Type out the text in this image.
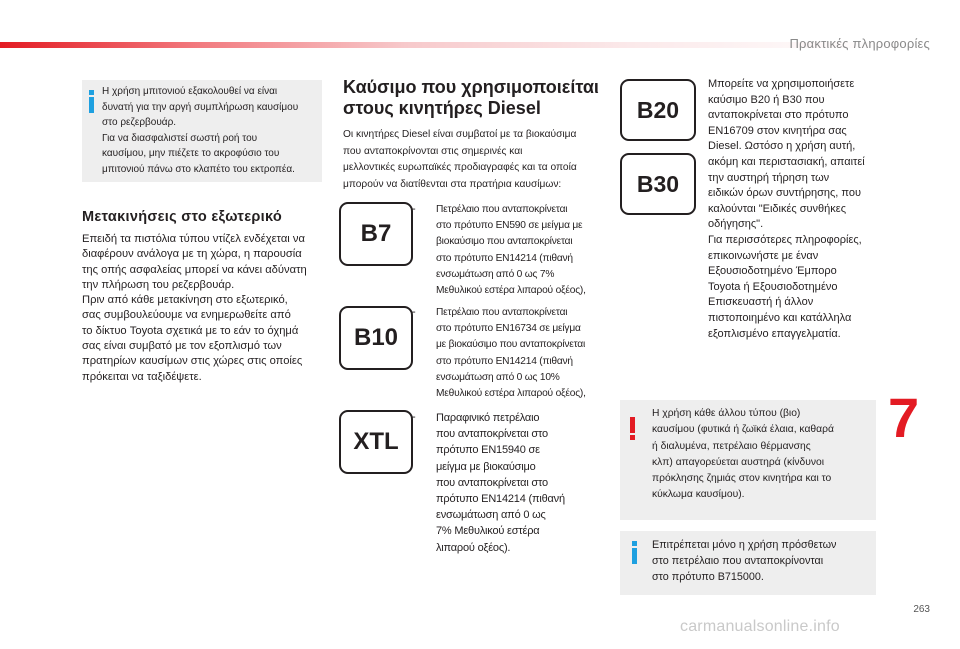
Πρακτικές πληροφορίες
Η χρήση μπιτονιού εξακολουθεί να είναι
δυνατή για την αργή συμπλήρωση καυσίμου
στο ρεζερβουάρ.
Για να διασφαλιστεί σωστή ροή του
καυσίμου, μην πιέζετε το ακροφύσιο του
μπιτονιού πάνω στο κλαπέτο του εκτροπέα.
Μετακινήσεις στο εξωτερικό
Επειδή τα πιστόλια τύπου ντίζελ ενδέχεται να
διαφέρουν ανάλογα με τη χώρα, η παρουσία
της οπής ασφαλείας μπορεί να κάνει αδύνατη
την πλήρωση του ρεζερβουάρ.
Πριν από κάθε μετακίνηση στο εξωτερικό,
σας συμβουλεύουμε να ενημερωθείτε από
το δίκτυο Toyota σχετικά με το εάν το όχημά
σας είναι συμβατό με τον εξοπλισμό των
πρατηρίων καυσίμων στις χώρες στις οποίες
πρόκειται να ταξιδέψετε.
Καύσιμο που χρησιμοποιείται
στους κινητήρες Diesel
Οι κινητήρες Diesel είναι συμβατοί με τα βιοκαύσιμα
που ανταποκρίνονται στις σημερινές και
μελλοντικές ευρωπαϊκές προδιαγραφές και τα οποία
μπορούν να διατίθενται στα πρατήρια καυσίμων:
B7
- Πετρέλαιο που ανταποκρίνεται
στο πρότυπο EN590 σε μείγμα με
βιοκαύσιμο που ανταποκρίνεται
στο πρότυπο EN14214 (πιθανή
ενσωμάτωση από 0 ως 7%
Μεθυλικού εστέρα λιπαρού οξέος),
B10
- Πετρέλαιο που ανταποκρίνεται
στο πρότυπο EN16734 σε μείγμα
με βιοκαύσιμο που ανταποκρίνεται
στο πρότυπο EN14214 (πιθανή
ενσωμάτωση από 0 ως 10%
Μεθυλικού εστέρα λιπαρού οξέος),
XTL
- Παραφινικό πετρέλαιο
που ανταποκρίνεται στο
πρότυπο EN15940 σε
μείγμα με βιοκαύσιμο
που ανταποκρίνεται στο
πρότυπο EN14214 (πιθανή
ενσωμάτωση από 0 ως
7% Μεθυλικού εστέρα
λιπαρού οξέος).
B20
B30
Μπορείτε να χρησιμοποιήσετε
καύσιμο B20 ή B30 που
ανταποκρίνεται στο πρότυπο
EN16709 στον κινητήρα σας
Diesel. Ωστόσο η χρήση αυτή,
ακόμη και περιστασιακή, απαιτεί
την αυστηρή τήρηση των
ειδικών όρων συντήρησης, που
καλούνται "Ειδικές συνθήκες
οδήγησης".
Για περισσότερες πληροφορίες,
επικοινωνήστε με έναν
Εξουσιοδοτημένο Έμπορο
Toyota ή Εξουσιοδοτημένο
Επισκευαστή ή άλλον
πιστοποιημένο και κατάλληλα
εξοπλισμένο επαγγελματία.
Η χρήση κάθε άλλου τύπου (βιο)
καυσίμου (φυτικά ή ζωϊκά έλαια, καθαρά
ή διαλυμένα, πετρέλαιο θέρμανσης
κλπ) απαγορεύεται αυστηρά (κίνδυνοι
πρόκλησης ζημιάς στον κινητήρα και το
κύκλωμα καυσίμου).
Επιτρέπεται μόνο η χρήση πρόσθετων
στο πετρέλαιο που ανταποκρίνονται
στο πρότυπο B715000.
7
263
carmanualsonline.info
